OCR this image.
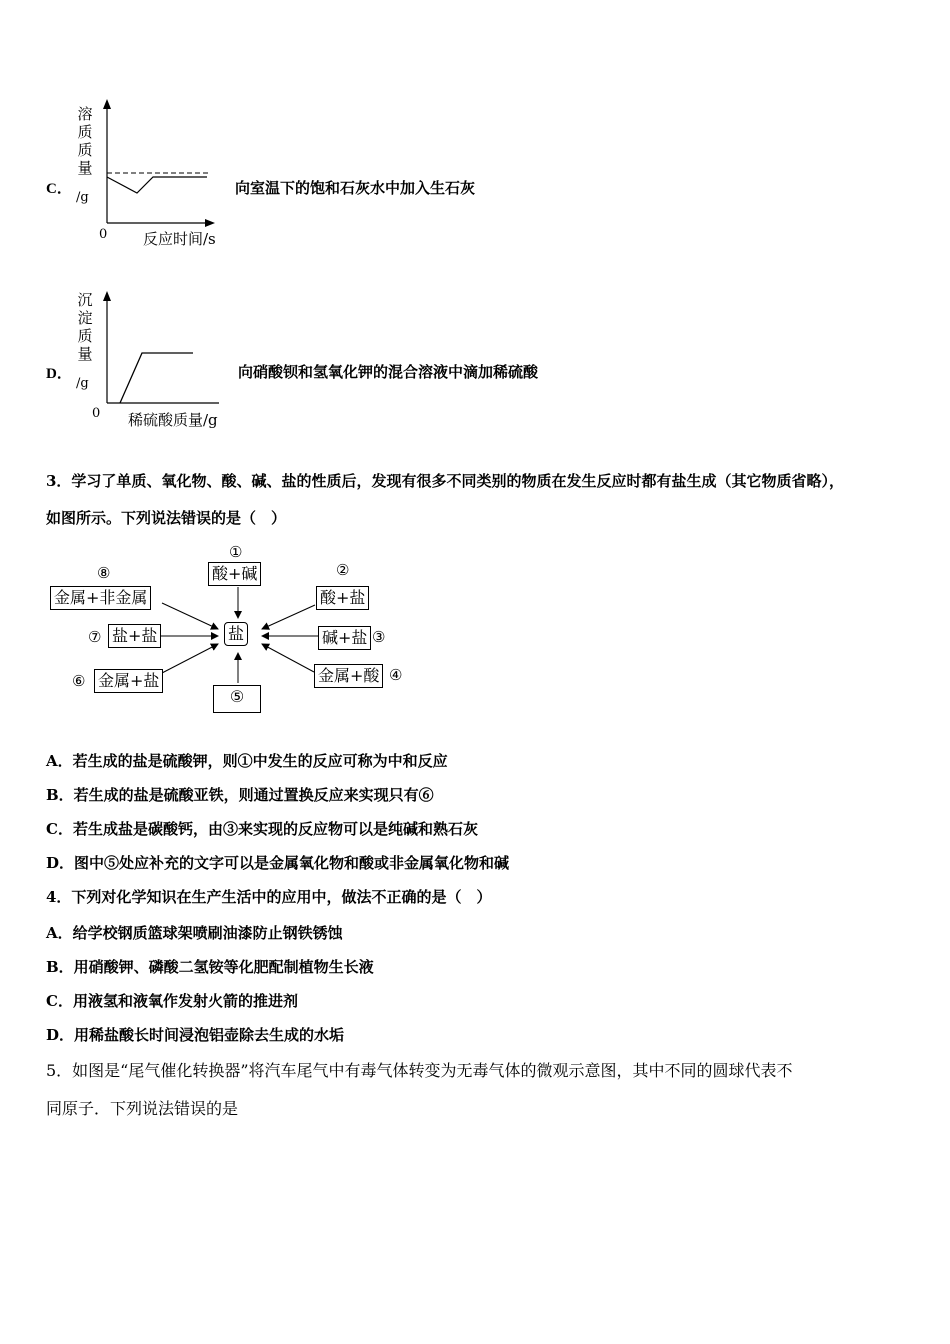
C．
溶
质
质
量
/g
0 反应时间/s
向室温下的饱和石灰水中加入生石灰
D．
沉
淀
质
量
/g
0 稀硫酸质量/g
向硝酸钡和氢氧化钾的混合溶液中滴加稀硫酸
3．学习了单质、氧化物、酸、碱、盐的性质后，发现有很多不同类别的物质在发生反应时都有盐生成（其它物质省略），
如图所示。下列说法错误的是（　）
盐
①
酸+碱	②
酸+盐
碱+盐 ③
金属+酸 ④
⑤
⑥ 金属+盐
⑦ 盐+盐
⑧
金属+非金属
A．若生成的盐是硫酸钾，则①中发生的反应可称为中和反应
B．若生成的盐是硫酸亚铁，则通过置换反应来实现只有⑥
C．若生成盐是碳酸钙，由③来实现的反应物可以是纯碱和熟石灰
D．图中⑤处应补充的文字可以是金属氧化物和酸或非金属氧化物和碱
4．下列对化学知识在生产生活中的应用中，做法不正确的是（　）
A．给学校钢质篮球架喷刷油漆防止钢铁锈蚀
B．用硝酸钾、磷酸二氢铵等化肥配制植物生长液
C．用液氢和液氧作发射火箭的推进剂
D．用稀盐酸长时间浸泡铝壶除去生成的水垢
5．如图是“尾气催化转换器”将汽车尾气中有毒气体转变为无毒气体的微观示意图，其中不同的圆球代表不
同原子．下列说法错误的是
